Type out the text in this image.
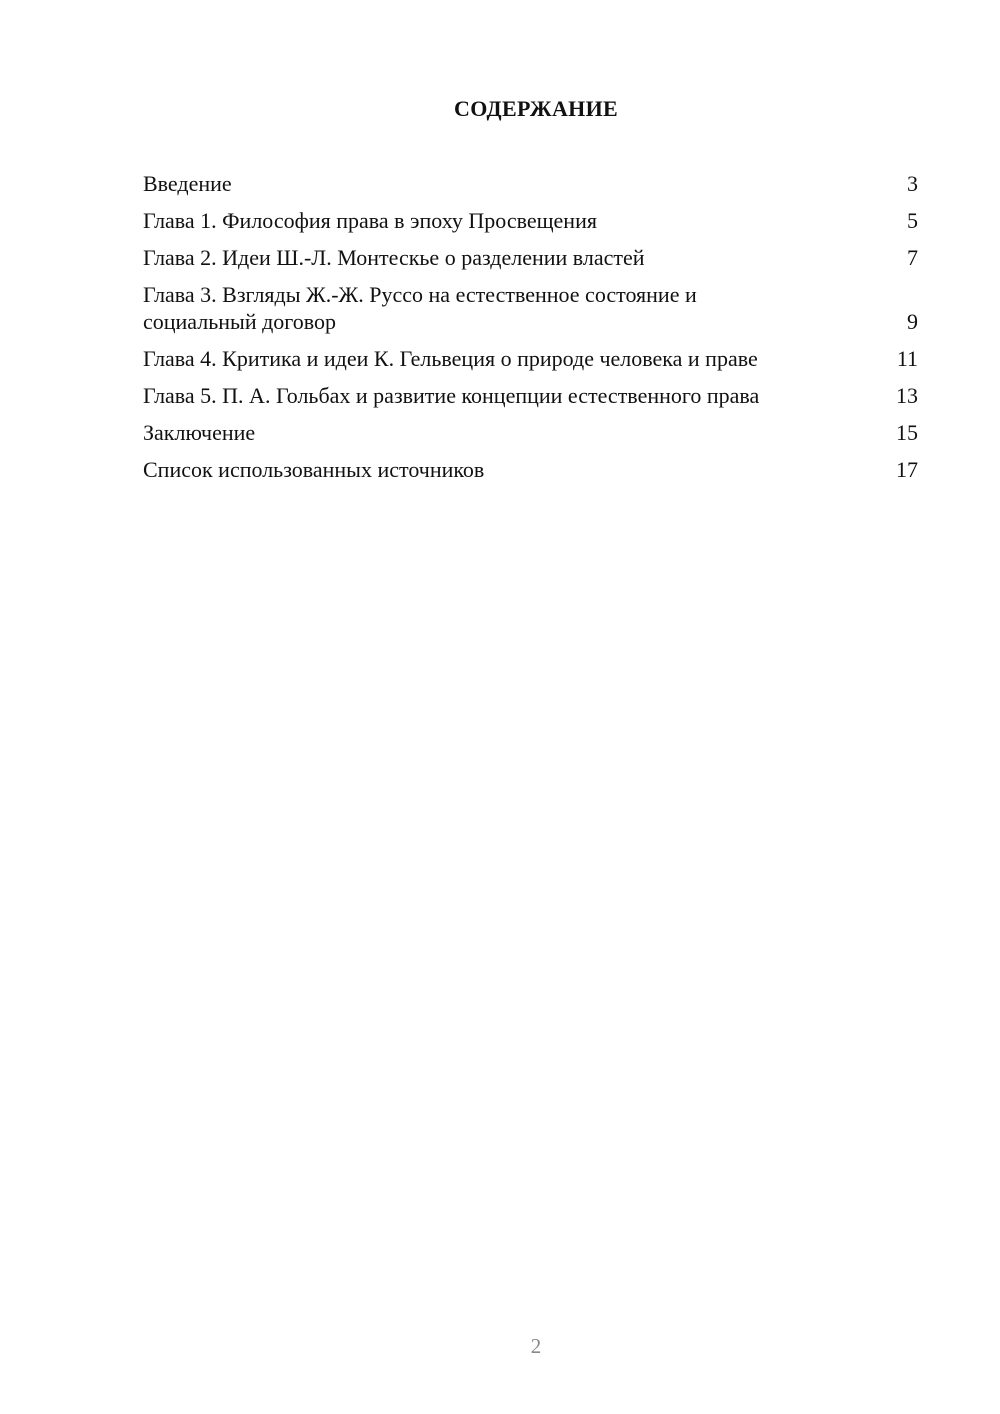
СОДЕРЖАНИЕ
Введение	3
Глава 1. Философия права в эпоху Просвещения	5
Глава 2. Идеи Ш.-Л. Монтескье о разделении властей	7
Глава 3. Взгляды Ж.-Ж. Руссо на естественное состояние и социальный договор	9
Глава 4. Критика и идеи К. Гельвеция о природе человека и праве	11
Глава 5. П. А. Гольбах и развитие концепции естественного права	13
Заключение	15
Список использованных источников	17
2
